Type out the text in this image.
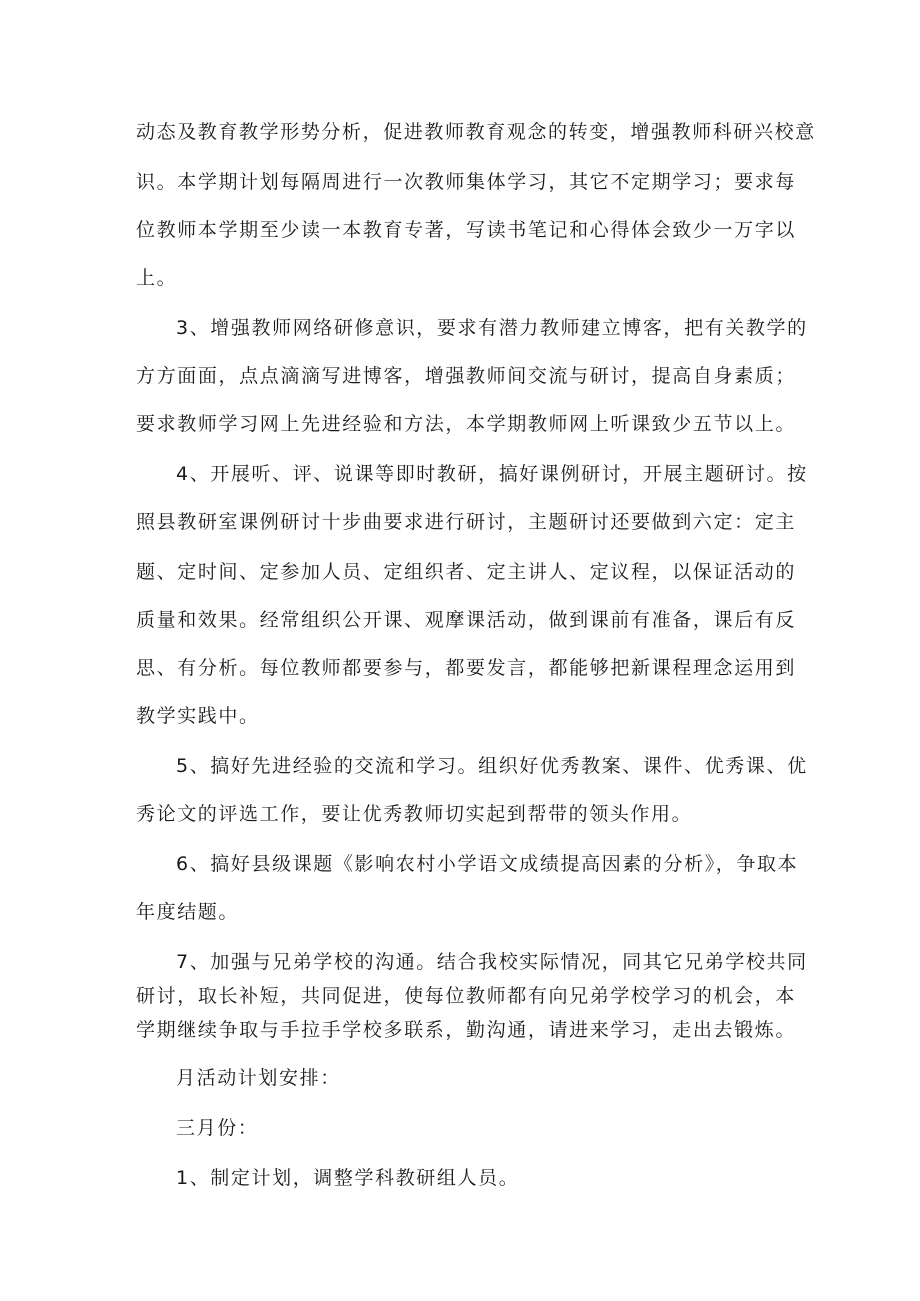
动态及教育教学形势分析，促进教师教育观念的转变，增强教师科研兴校意
识。本学期计划每隔周进行一次教师集体学习，其它不定期学习；要求每
位教师本学期至少读一本教育专著，写读书笔记和心得体会致少一万字以
上。
3、增强教师网络研修意识，要求有潜力教师建立博客，把有关教学的
方方面面，点点滴滴写进博客，增强教师间交流与研讨，提高自身素质；
要求教师学习网上先进经验和方法，本学期教师网上听课致少五节以上。
4、开展听、评、说课等即时教研，搞好课例研讨，开展主题研讨。按
照县教研室课例研讨十步曲要求进行研讨，主题研讨还要做到六定：定主
题、定时间、定参加人员、定组织者、定主讲人、定议程，以保证活动的
质量和效果。经常组织公开课、观摩课活动，做到课前有准备，课后有反
思、有分析。每位教师都要参与，都要发言，都能够把新课程理念运用到
教学实践中。
5、搞好先进经验的交流和学习。组织好优秀教案、课件、优秀课、优
秀论文的评选工作，要让优秀教师切实起到帮带的领头作用。
6、搞好县级课题《影响农村小学语文成绩提高因素的分析》，争取本
年度结题。
7、加强与兄弟学校的沟通。结合我校实际情况，同其它兄弟学校共同
研讨，取长补短，共同促进，使每位教师都有向兄弟学校学习的机会，本
学期继续争取与手拉手学校多联系，勤沟通，请进来学习，走出去锻炼。
月活动计划安排：
三月份：
1、制定计划，调整学科教研组人员。
